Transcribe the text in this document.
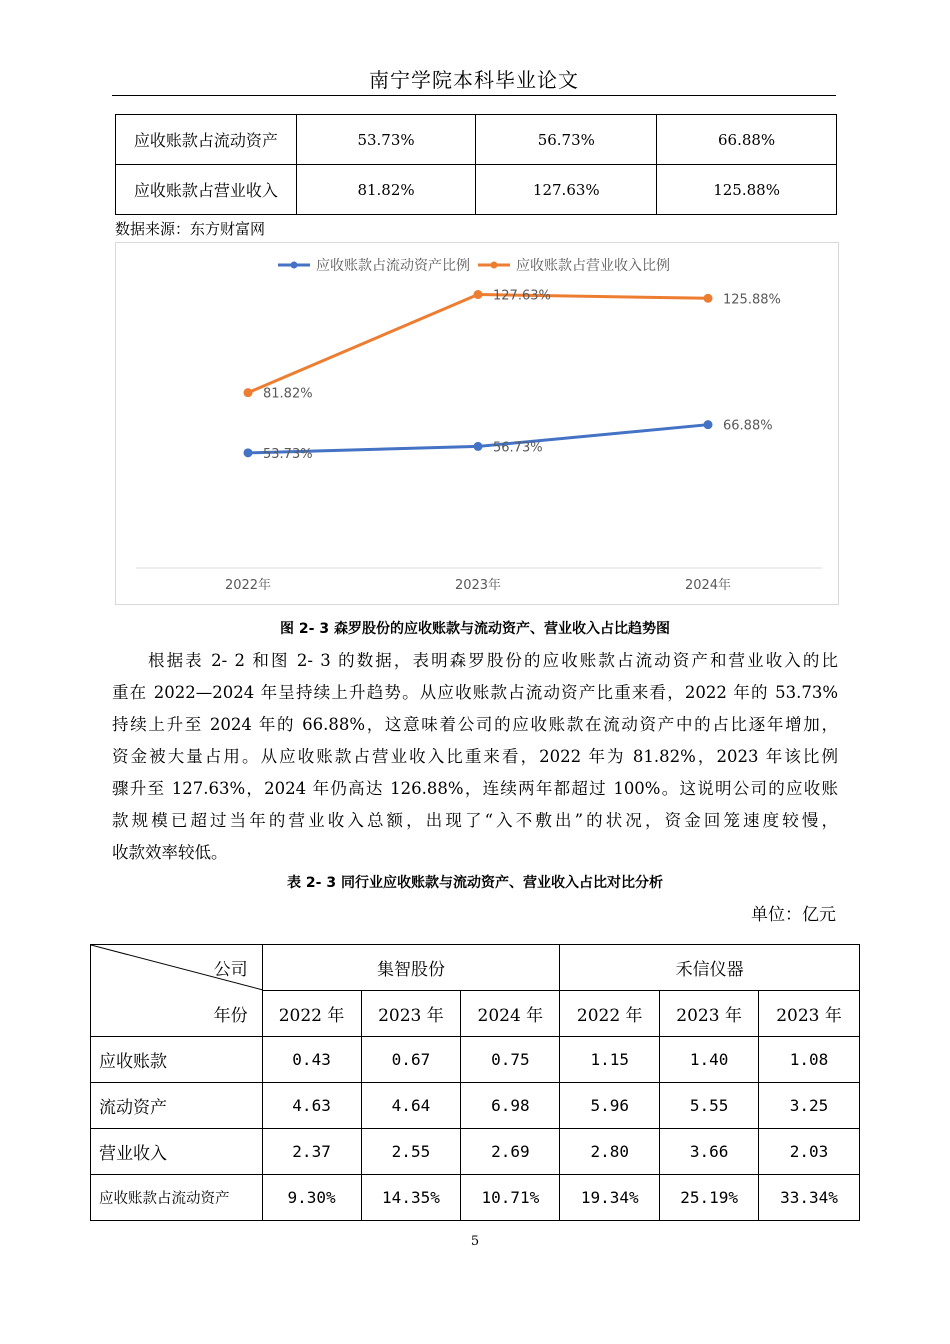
南宁学院本科毕业论文
应收账款占流动资产	53.73%	56.73%	66.88%
应收账款占营业收入	81.82%	127.63%	125.88%
数据来源：东方财富网
2022年	2023年	2024年
应收账款占流动资产比例	应收账款占营业收入比例
53.73%	56.73%
66.88%
81.82%
127.63%	125.88%
图 2- 3 森罗股份的应收账款与流动资产、营业收入占比趋势图
根据表 2- 2 和图 2- 3 的数据，表明森罗股份的应收账款占流动资产和营业收入的比
重在 2022—2024 年呈持续上升趋势。从应收账款占流动资产比重来看，2022 年的 53.73%
持续上升至 2024 年的 66.88%，这意味着公司的应收账款在流动资产中的占比逐年增加，
资金被大量占用。从应收账款占营业收入比重来看，2022 年为 81.82%，2023 年该比例
骤升至 127.63%，2024 年仍高达 126.88%，连续两年都超过 100%。这说明公司的应收账
款规模已超过当年的营业收入总额，出现了“入不敷出”的状况，资金回笼速度较慢，
收款效率较低。
表 2- 3 同行业应收账款与流动资产、营业收入占比对比分析
单位：亿元
公司
年份	集智股份			禾信仪器		
	2022 年	2023 年	2024 年	2022 年	2023 年	2023 年
应收账款	0.43	0.67	0.75	1.15	1.40	1.08
流动资产	4.63	4.64	6.98	5.96	5.55	3.25
营业收入	2.37	2.55	2.69	2.80	3.66	2.03
应收账款占流动资产	9.30%	14.35%	10.71%	19.34%	25.19%	33.34%
5
